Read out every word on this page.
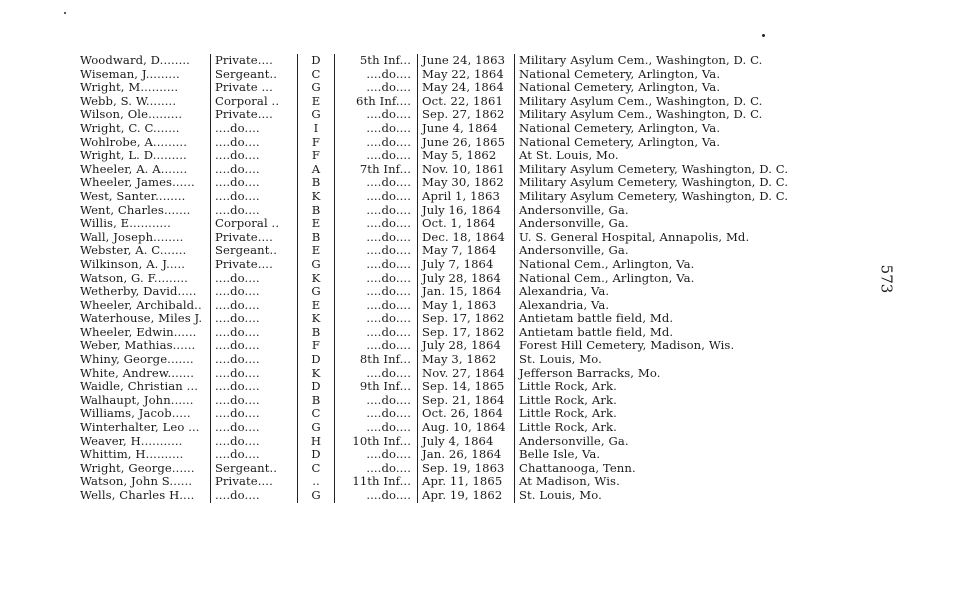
Woodward, D........	Private....	D	5th Inf...	June 24, 1863	Military Asylum Cem., Washington, D. C.
Wiseman, J.........	Sergeant..	C	....do....	May 22, 1864	National Cemetery, Arlington, Va.
Wright, M..........	Private ...	G	....do....	May 24, 1864	National Cemetery, Arlington, Va.
Webb, S. W........	Corporal ..	E	6th Inf....	Oct. 22, 1861	Military Asylum Cem., Washington, D. C.
Wilson, Ole.........	Private....	G	....do....	Sep. 27, 1862	Military Asylum Cem., Washington, D. C.
Wright, C. C.......	....do....	I	....do....	June 4, 1864	National Cemetery, Arlington, Va.
Wohlrobe, A.........	....do....	F	....do....	June 26, 1865	National Cemetery, Arlington, Va.
Wright, L. D.........	....do....	F	....do....	May 5, 1862	At St. Louis, Mo.
Wheeler, A. A.......	....do....	A	7th Inf...	Nov. 10, 1861	Military Asylum Cemetery, Washington, D. C.
Wheeler, James......	....do....	B	....do....	May 30, 1862	Military Asylum Cemetery, Washington, D. C.
West, Santer........	....do....	K	....do....	April 1, 1863	Military Asylum Cemetery, Washington, D. C.
Went, Charles.......	....do....	B	....do....	July 16, 1864	Andersonville, Ga.
Willis, E...........	Corporal ..	E	....do....	Oct. 1, 1864	Andersonville, Ga.
Wall, Joseph........	Private....	B	....do....	Dec. 18, 1864	U. S. General Hospital, Annapolis, Md.
Webster, A. C.......	Sergeant..	E	....do....	May 7, 1864	Andersonville, Ga.
Wilkinson, A. J.....	Private....	G	....do....	July 7, 1864	National Cem., Arlington, Va.
Watson, G. F.........	....do....	K	....do....	July 28, 1864	National Cem., Arlington, Va.
Wetherby, David.....	....do....	G	....do....	Jan. 15, 1864	Alexandria, Va.
Wheeler, Archibald..	....do....	E	....do....	May 1, 1863	Alexandria, Va.
Waterhouse, Miles J.	....do....	K	....do....	Sep. 17, 1862	Antietam battle field, Md.
Wheeler, Edwin......	....do....	B	....do....	Sep. 17, 1862	Antietam battle field, Md.
Weber, Mathias......	....do....	F	....do....	July 28, 1864	Forest Hill Cemetery, Madison, Wis.
Whiny, George.......	....do....	D	8th Inf...	May 3, 1862	St. Louis, Mo.
White, Andrew.......	....do....	K	....do....	Nov. 27, 1864	Jefferson Barracks, Mo.
Waidle, Christian ...	....do....	D	9th Inf...	Sep. 14, 1865	Little Rock, Ark.
Walhaupt, John......	....do....	B	....do....	Sep. 21, 1864	Little Rock, Ark.
Williams, Jacob.....	....do....	C	....do....	Oct. 26, 1864	Little Rock, Ark.
Winterhalter, Leo ...	....do....	G	....do....	Aug. 10, 1864	Little Rock, Ark.
Weaver, H...........	....do....	H	10th Inf...	July 4, 1864	Andersonville, Ga.
Whittim, H..........	....do....	D	....do....	Jan. 26, 1864	Belle Isle, Va.
Wright, George......	Sergeant..	C	....do....	Sep. 19, 1863	Chattanooga, Tenn.
Watson, John S......	Private....	..	11th Inf...	Apr. 11, 1865	At Madison, Wis.
Wells, Charles H....	....do....	G	....do....	Apr. 19, 1862	St. Louis, Mo.
573
